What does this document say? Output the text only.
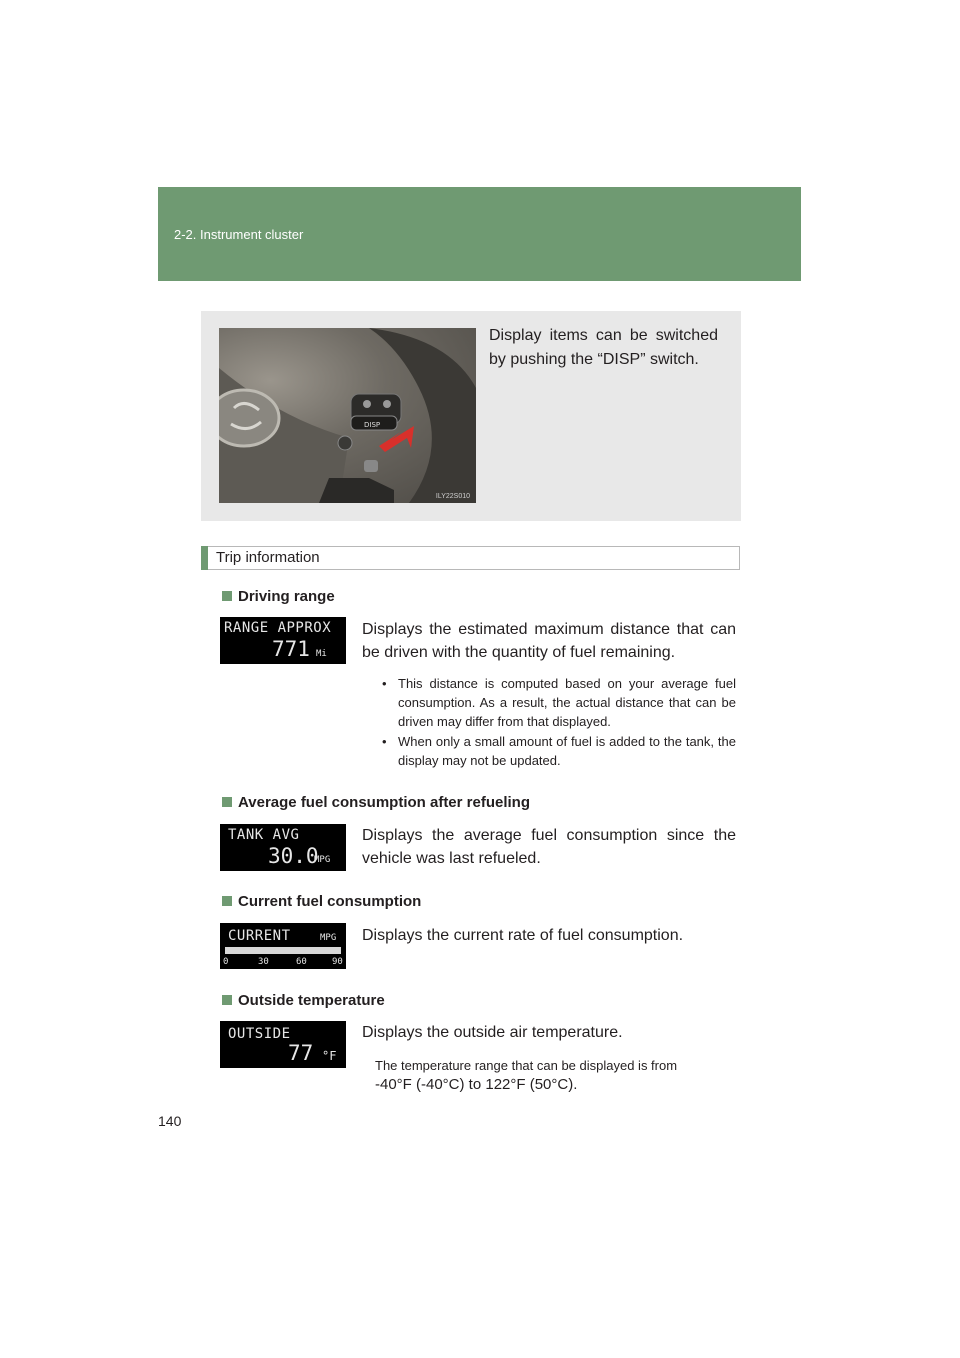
2-2. Instrument cluster
DISP
ILY22S010
Display items can be switched by pushing the “DISP” switch.
Trip information
Driving range
RANGE APPROX
771 Mi
Displays the estimated maximum distance that can be driven with the quantity of fuel remaining.
• This distance is computed based on your average fuel consumption. As a result, the actual distance that can be driven may differ from that displayed.
• When only a small amount of fuel is added to the tank, the display may not be updated.
Average fuel consumption after refueling
TANK AVG
30.0
MPG
Displays the average fuel consumption since the vehicle was last refueled.
Current fuel consumption
CURRENT	MPG
0	30	60	90
Displays the current rate of fuel consumption.
Outside temperature
OUTSIDE
77 °F
Displays the outside air temperature.
The temperature range that can be displayed is from
-40°F (-40°C) to 122°F (50°C).
140
